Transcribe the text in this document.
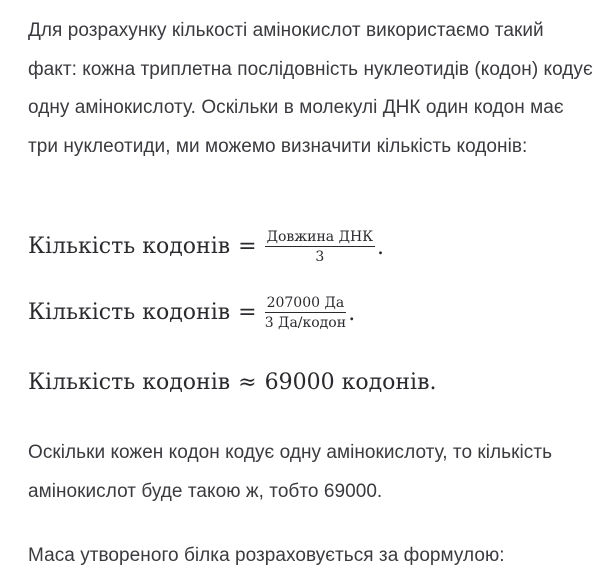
Для розрахунку кількості амінокислот використаємо такий факт: кожна триплетна послідовність нуклеотидів (кодон) кодує одну амінокислоту. Оскільки в молекулі ДНК один кодон має три нуклеотиди, ми можемо визначити кількість кодонів:

Кількість кодонів = $\frac{\text{Довжина ДНК}}{3}$ .
Кількість кодонів = $\frac{207000 Да}{\text{3 Да/кодон}}$ .
Кількість кодонів ≈ 69000 кодонів .

Оскільки кожен кодон кодує одну амінокислоту, то кількість амінокислот буде такою ж, тобто 69000.

Маса утвореного білка розраховується за формулою:
